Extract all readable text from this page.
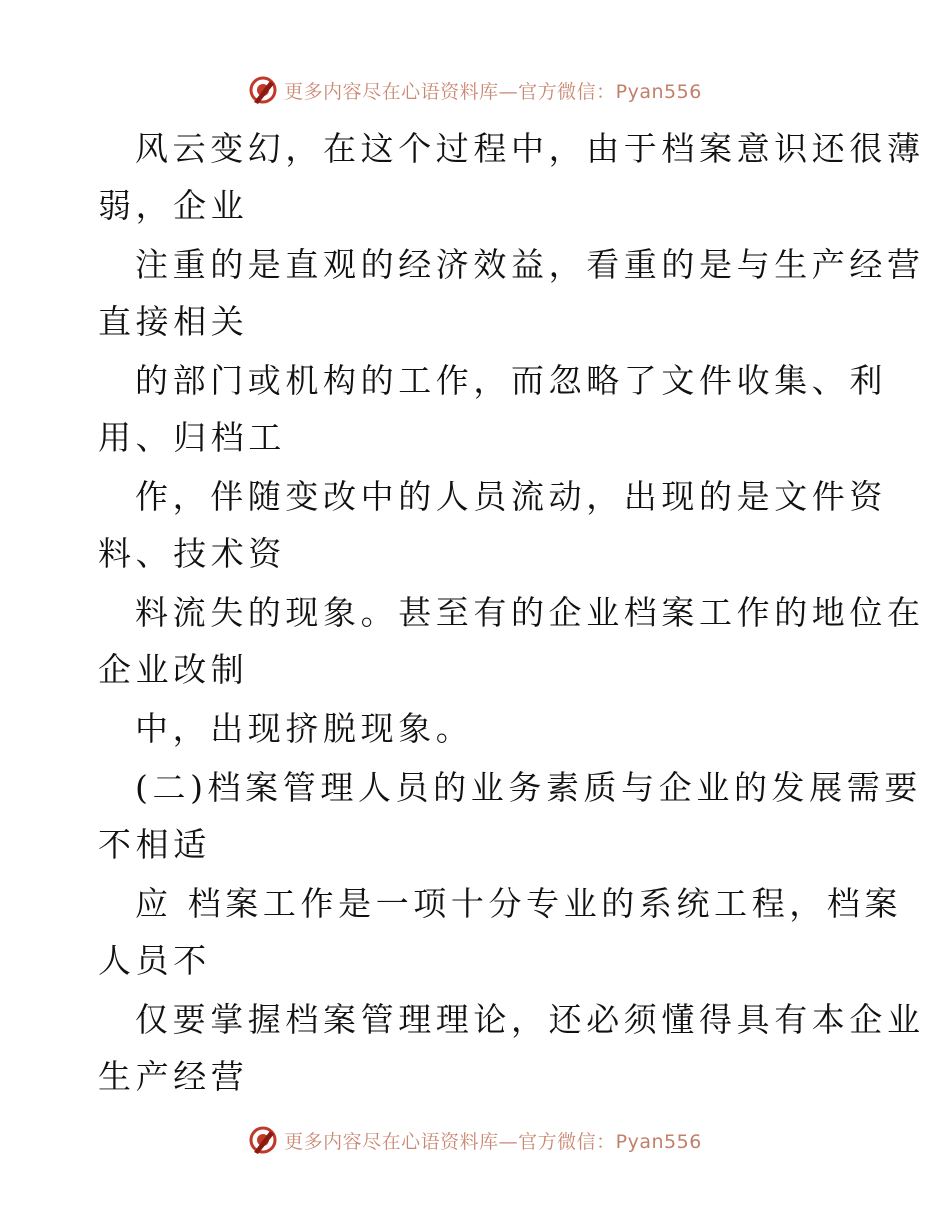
更多内容尽在心语资料库—官方微信：Pyan556
风云变幻，在这个过程中，由于档案意识还很薄
弱，企业
注重的是直观的经济效益，看重的是与生产经营
直接相关
的部门或机构的工作，而忽略了文件收集、利
用、归档工
作，伴随变改中的人员流动，出现的是文件资
料、技术资
料流失的现象。甚至有的企业档案工作的地位在
企业改制
中，出现挤脱现象。
(二)档案管理人员的业务素质与企业的发展需要
不相适
应 档案工作是一项十分专业的系统工程，档案
人员不
仅要掌握档案管理理论，还必须懂得具有本企业
生产经营
更多内容尽在心语资料库—官方微信：Pyan556
